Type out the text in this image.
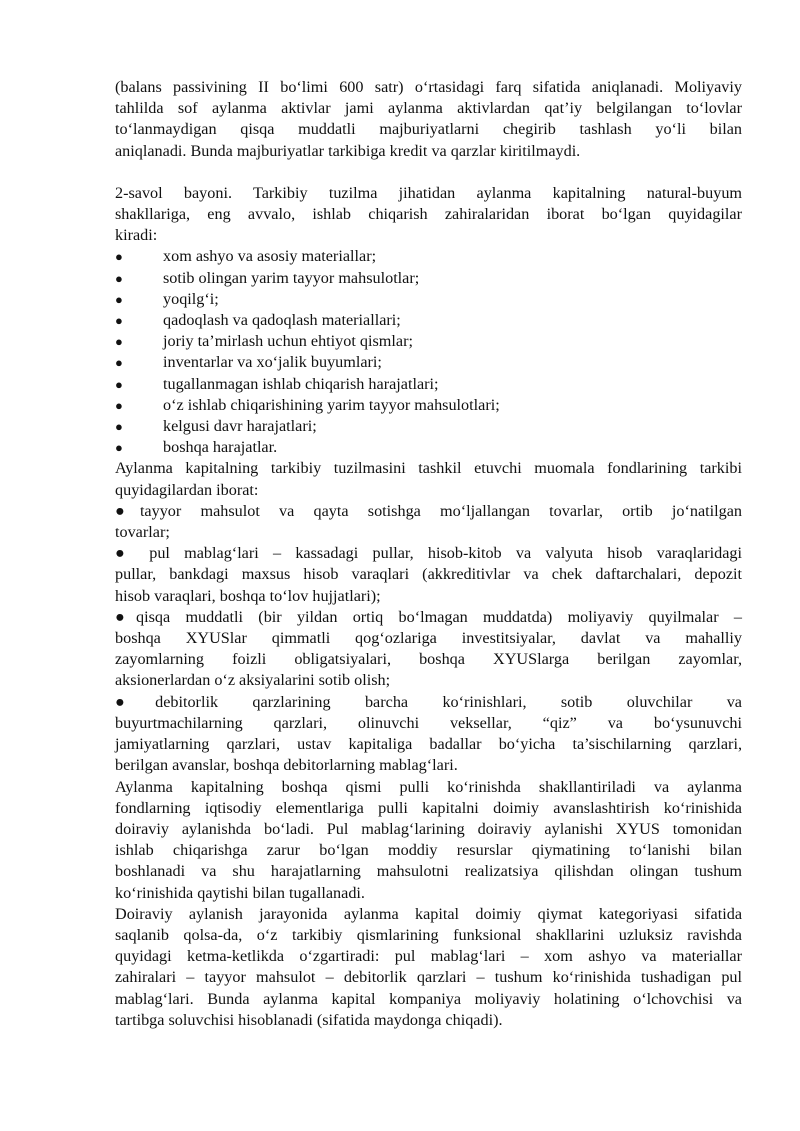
(balans passivining II bo‘limi 600 satr) o‘rtasidagi farq sifatida aniqlanadi. Moliyaviy

tahlilda sof aylanma aktivlar jami aylanma aktivlardan qat’iy belgilangan to‘lovlar

to‘lanmaydigan qisqa muddatli majburiyatlarni chegirib tashlash yo‘li bilan

aniqlanadi. Bunda majburiyatlar tarkibiga kredit va qarzlar kiritilmaydi.

2-savol bayoni. Tarkibiy tuzilma jihatidan aylanma kapitalning natural-buyum

shakllariga, eng avvalo, ishlab chiqarish zahiralaridan iborat bo‘lgan quyidagilar

kiradi:

●	xom ashyo va asosiy materiallar;
●	sotib olingan yarim tayyor mahsulotlar;
●	yoqilg‘i;
●	qadoqlash va qadoqlash materiallari;
●	joriy ta’mirlash uchun ehtiyot qismlar;
●	inventarlar va xo‘jalik buyumlari;
●	tugallanmagan ishlab chiqarish harajatlari;
●	o‘z ishlab chiqarishining yarim tayyor mahsulotlari;
●	kelgusi davr harajatlari;
●	boshqa harajatlar.

Aylanma kapitalning tarkibiy tuzilmasini tashkil etuvchi muomala fondlarining tarkibi

quyidagilardan iborat:

●tayyor mahsulot va qayta sotishga mo‘ljallangan tovarlar, ortib jo‘natilgan

tovarlar;

● pul mablag‘lari – kassadagi pullar, hisob-kitob va valyuta hisob varaqlaridagi

pullar, bankdagi maxsus hisob varaqlari (akkreditivlar va chek daftarchalari, depozit

hisob varaqlari, boshqa to‘lov hujjatlari);

●qisqa muddatli (bir yildan ortiq bo‘lmagan muddatda) moliyaviy quyilmalar –

boshqa XYUSlar qimmatli qog‘ozlariga investitsiyalar, davlat va mahalliy

zayomlarning foizli obligatsiyalari, boshqa XYUSlarga berilgan zayomlar,

aksionerlardan o‘z aksiyalarini sotib olish;

●debitorlik qarzlarining barcha ko‘rinishlari, sotib oluvchilar va

buyurtmachilarning qarzlari, olinuvchi veksellar, “qiz” va bo‘ysunuvchi

jamiyatlarning qarzlari, ustav kapitaliga badallar bo‘yicha ta’sischilarning qarzlari,

berilgan avanslar, boshqa debitorlarning mablag‘lari.

Aylanma kapitalning boshqa qismi pulli ko‘rinishda shakllantiriladi va aylanma

fondlarning iqtisodiy elementlariga pulli kapitalni doimiy avanslashtirish ko‘rinishida

doiraviy aylanishda bo‘ladi. Pul mablag‘larining doiraviy aylanishi XYUS tomonidan

ishlab chiqarishga zarur bo‘lgan moddiy resurslar qiymatining to‘lanishi bilan

boshlanadi va shu harajatlarning mahsulotni realizatsiya qilishdan olingan tushum

ko‘rinishida qaytishi bilan tugallanadi.

Doiraviy aylanish jarayonida aylanma kapital doimiy qiymat kategoriyasi sifatida

saqlanib qolsa-da, o‘z tarkibiy qismlarining funksional shakllarini uzluksiz ravishda

quyidagi ketma-ketlikda o‘zgartiradi: pul mablag‘lari – xom ashyo va materiallar

zahiralari – tayyor mahsulot – debitorlik qarzlari – tushum ko‘rinishida tushadigan pul

mablag‘lari. Bunda aylanma kapital kompaniya moliyaviy holatining o‘lchovchisi va

tartibga soluvchisi hisoblanadi (sifatida maydonga chiqadi).
